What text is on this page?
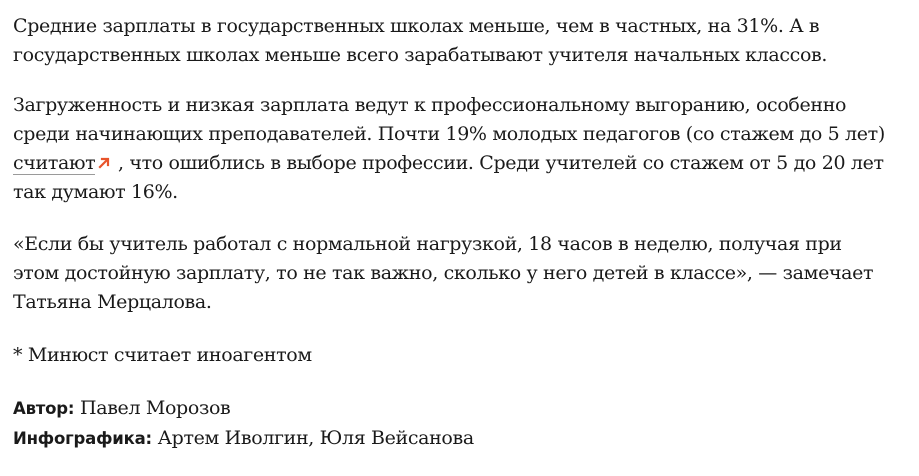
Средние зарплаты в государственных школах меньше, чем в частных, на 31%. А в государственных школах меньше всего зарабатывают учителя начальных классов.

Загруженность и низкая зарплата ведут к профессиональному выгоранию, особенно среди начинающих преподавателей. Почти 19% молодых педагогов (со стажем до 5 лет) считают , что ошиблись в выборе профессии. Среди учителей со стажем от 5 до 20 лет так думают 16%.

«Если бы учитель работал с нормальной нагрузкой, 18 часов в неделю, получая при этом достойную зарплату, то не так важно, сколько у него детей в классе», — замечает Татьяна Мерцалова.

* Минюст считает иноагентом

Автор: Павел Морозов
Инфографика: Артем Иволгин, Юля Вейсанова
